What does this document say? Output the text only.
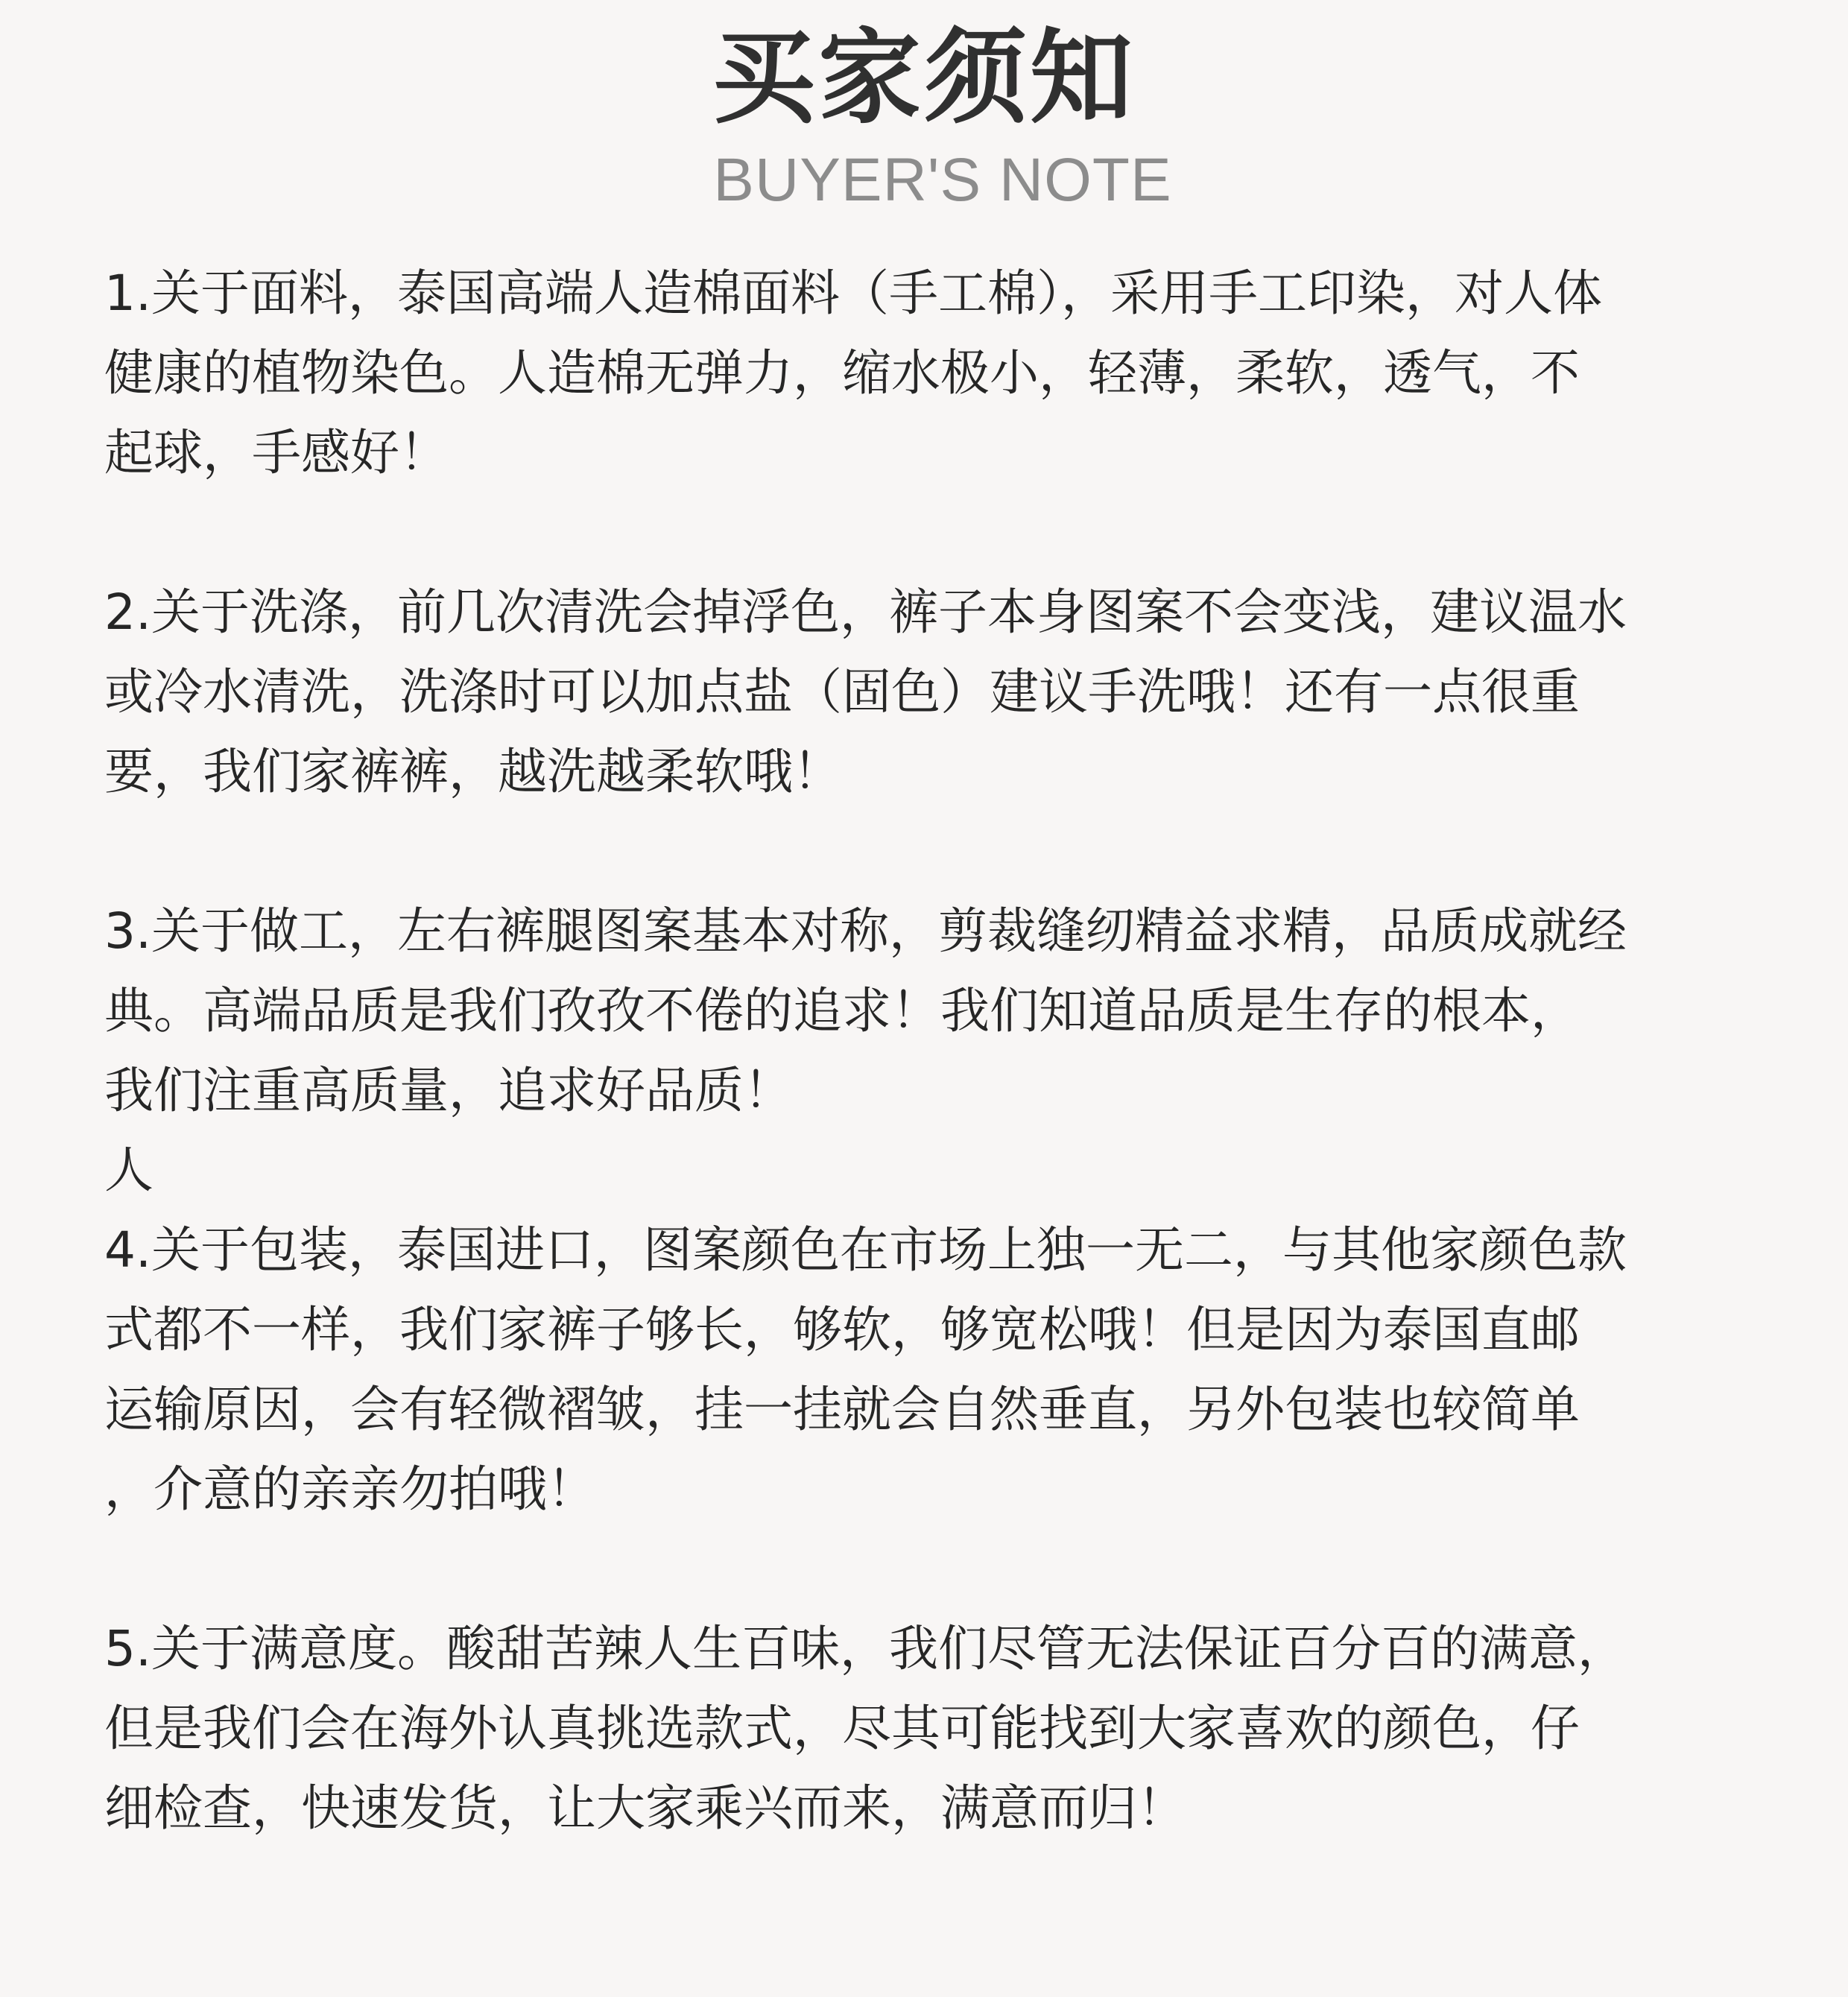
买家须知
BUYER'S NOTE

1.关于面料，泰国高端人造棉面料（手工棉），采用手工印染，对人体
健康的植物染色。人造棉无弹力，缩水极小，轻薄，柔软，透气，不
起球，手感好！

2.关于洗涤，前几次清洗会掉浮色，裤子本身图案不会变浅，建议温水
或冷水清洗，洗涤时可以加点盐（固色）建议手洗哦！还有一点很重
要，我们家裤裤，越洗越柔软哦！

3.关于做工，左右裤腿图案基本对称，剪裁缝纫精益求精，品质成就经
典。高端品质是我们孜孜不倦的追求！我们知道品质是生存的根本，
我们注重高质量，追求好品质！
人

4.关于包装，泰国进口，图案颜色在市场上独一无二，与其他家颜色款
式都不一样，我们家裤子够长，够软，够宽松哦！但是因为泰国直邮
运输原因，会有轻微褶皱，挂一挂就会自然垂直，另外包装也较简单
，介意的亲亲勿拍哦！

5.关于满意度。酸甜苦辣人生百味，我们尽管无法保证百分百的满意，
但是我们会在海外认真挑选款式，尽其可能找到大家喜欢的颜色，仔
细检查，快速发货，让大家乘兴而来，满意而归！
